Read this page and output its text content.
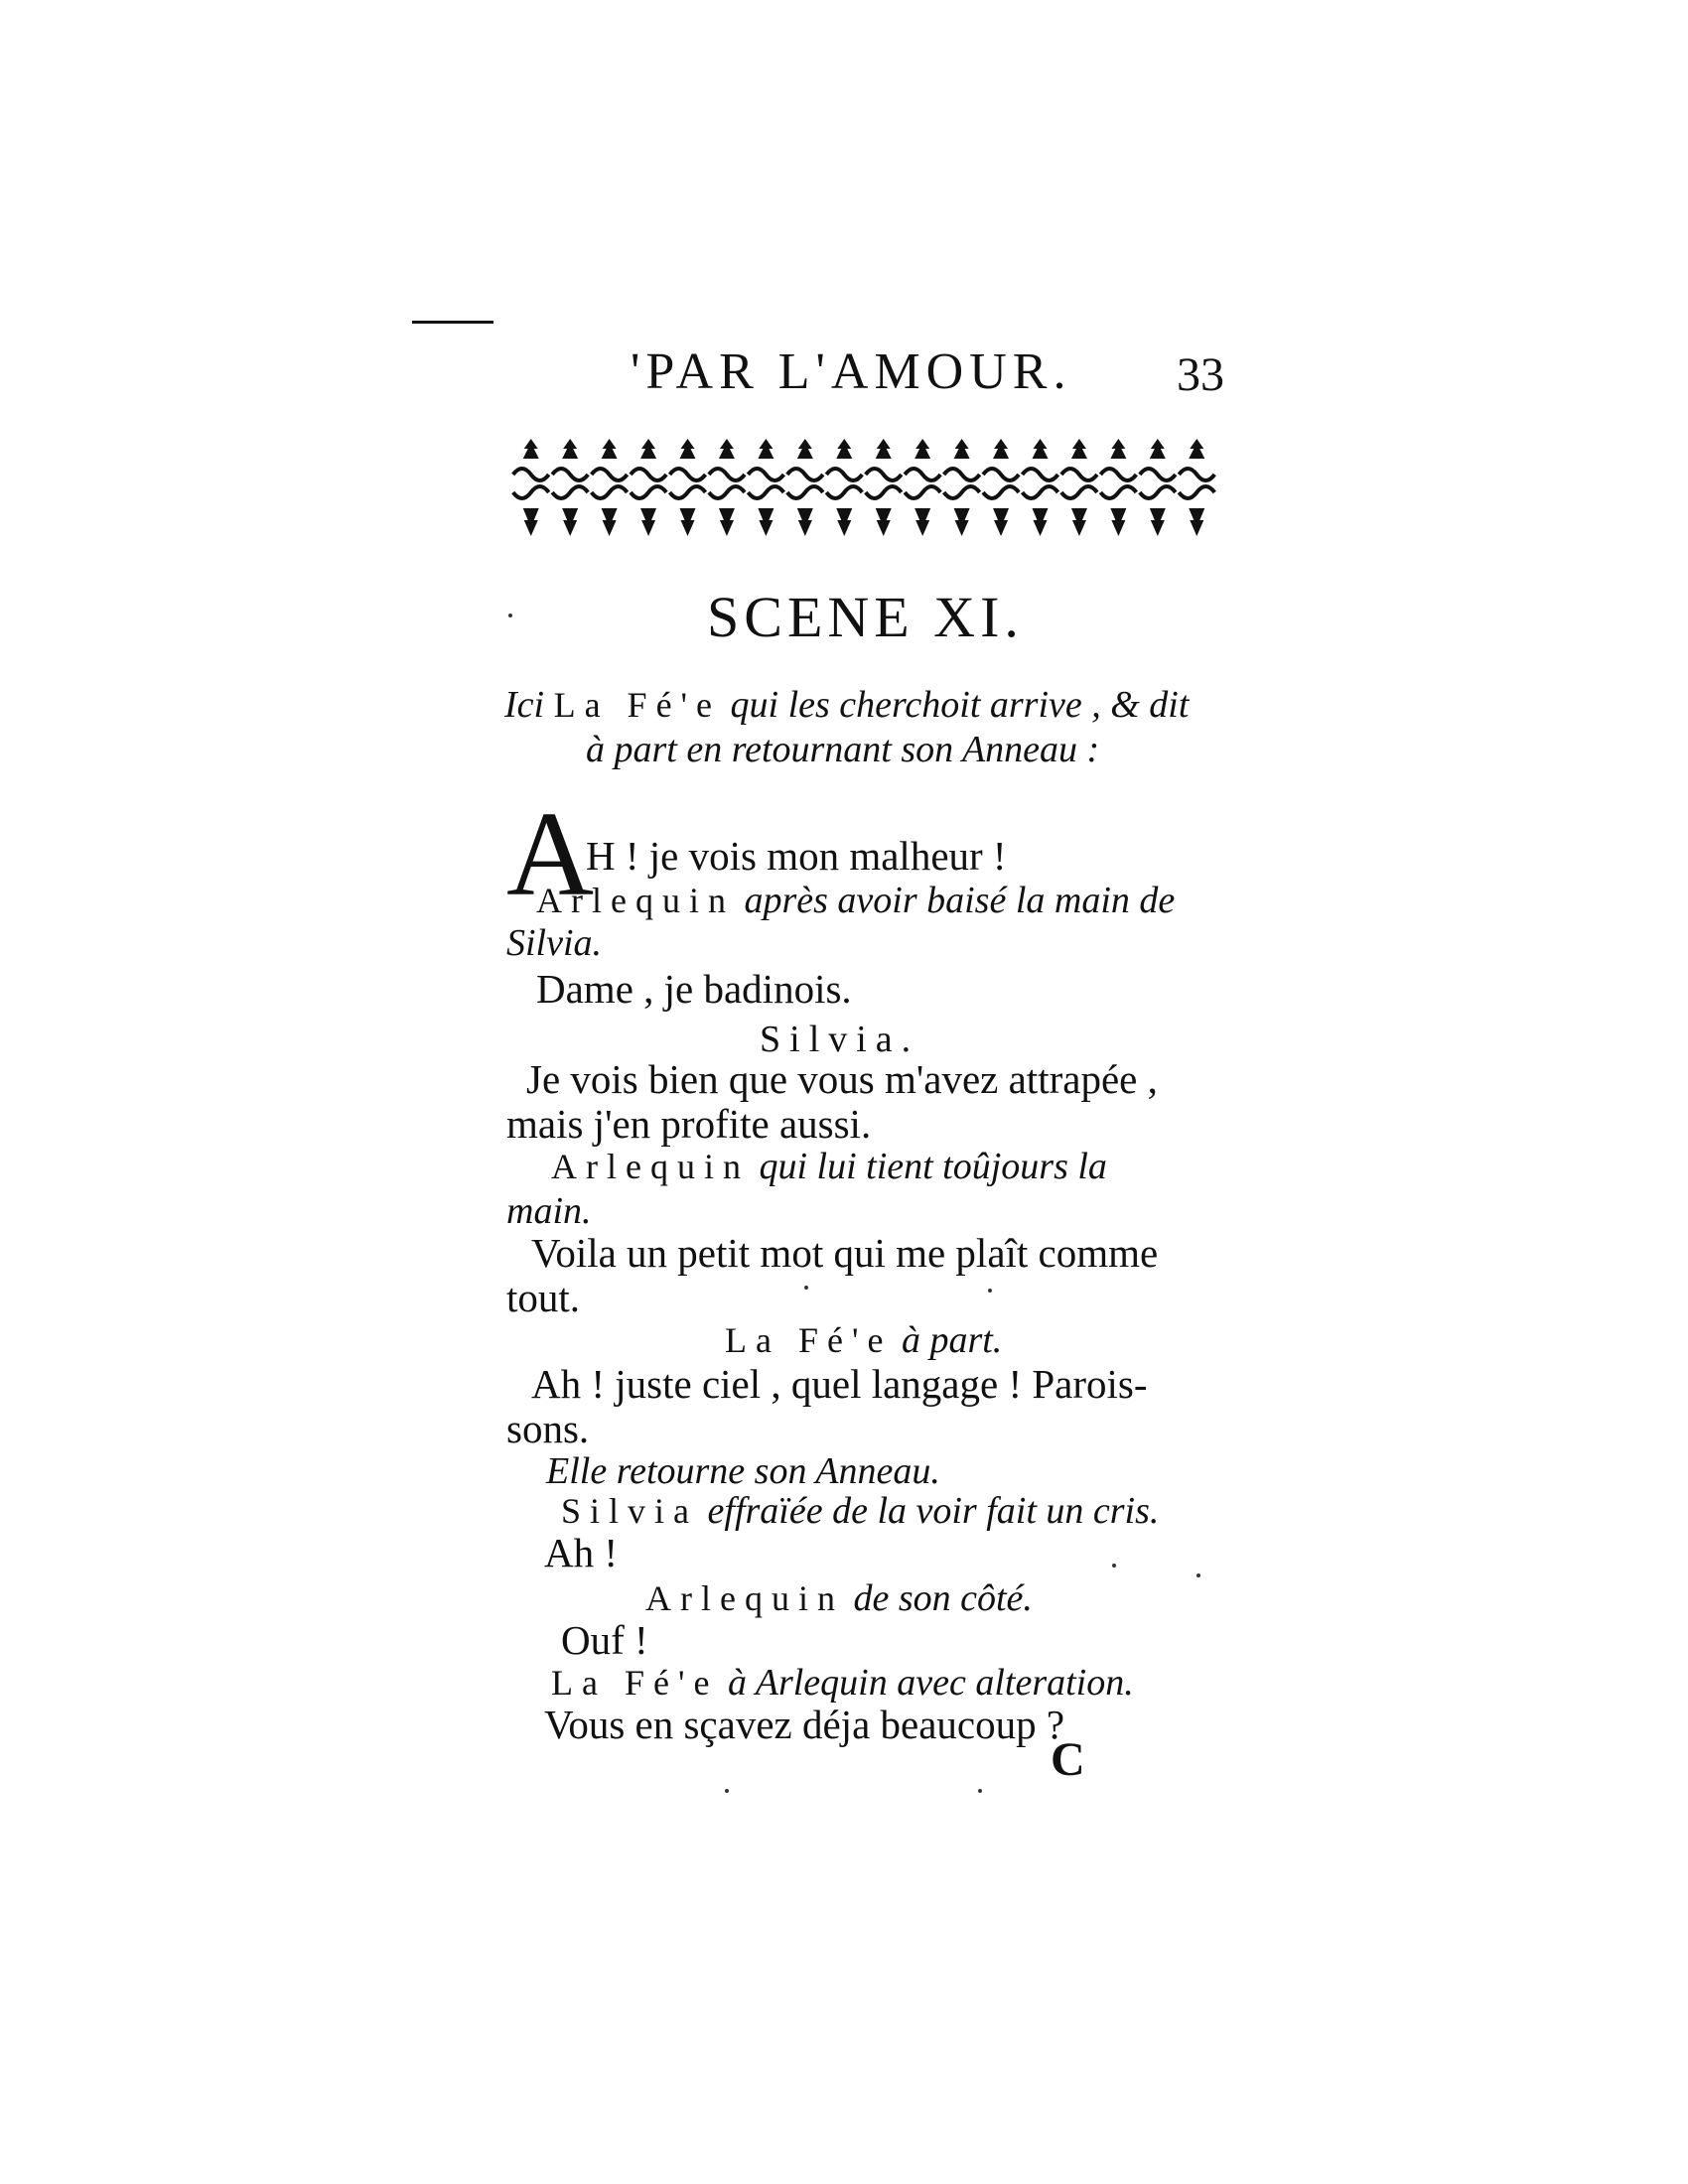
'PAR L'AMOUR. 33
SCENE XI.
Ici La Fé'e qui les cherchoit arrive , & dit
à part en retournant son Anneau :
A
H ! je vois mon malheur !
Arlequin après avoir baisé la main de
Silvia.
Dame , je badinois.
Silvia.
Je vois bien que vous m'avez attrapée ,
mais j'en profite aussi.
Arlequin qui lui tient toûjours la
main.
Voila un petit mot qui me plaît comme
tout.
La Fé'e à part.
Ah ! juste ciel , quel langage ! Parois-
sons.
Elle retourne son Anneau.
Silvia effraïée de la voir fait un cris.
Ah !
Arlequin de son côté.
Ouf !
La Fé'e à Arlequin avec alteration.
Vous en sçavez déja beaucoup ?
C
